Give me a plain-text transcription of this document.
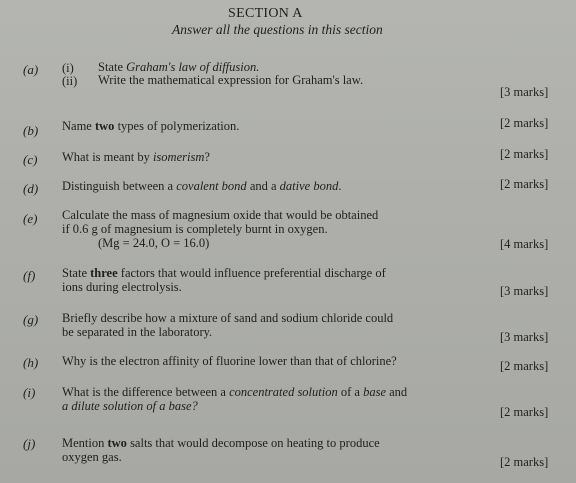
SECTION A
Answer all the questions in this section
(a) (i) State Graham's law of diffusion.
(ii) Write the mathematical expression for Graham's law.
[3 marks]
(b) Name two types of polymerization.	[2 marks]
(c) What is meant by isomerism?	[2 marks]
(d) Distinguish between a covalent bond and a dative bond.	[2 marks]
(e) Calculate the mass of magnesium oxide that would be obtained
if 0.6 g of magnesium is completely burnt in oxygen.
(Mg = 24.0, O = 16.0)	[4 marks]
(f) State three factors that would influence preferential discharge of
ions during electrolysis.	[3 marks]
(g) Briefly describe how a mixture of sand and sodium chloride could
be separated in the laboratory.	[3 marks]
(h) Why is the electron affinity of fluorine lower than that of chlorine?	[2 marks]
(i) What is the difference between a concentrated solution of a base and
a dilute solution of a base?	[2 marks]
(j) Mention two salts that would decompose on heating to produce
oxygen gas.	[2 marks]
